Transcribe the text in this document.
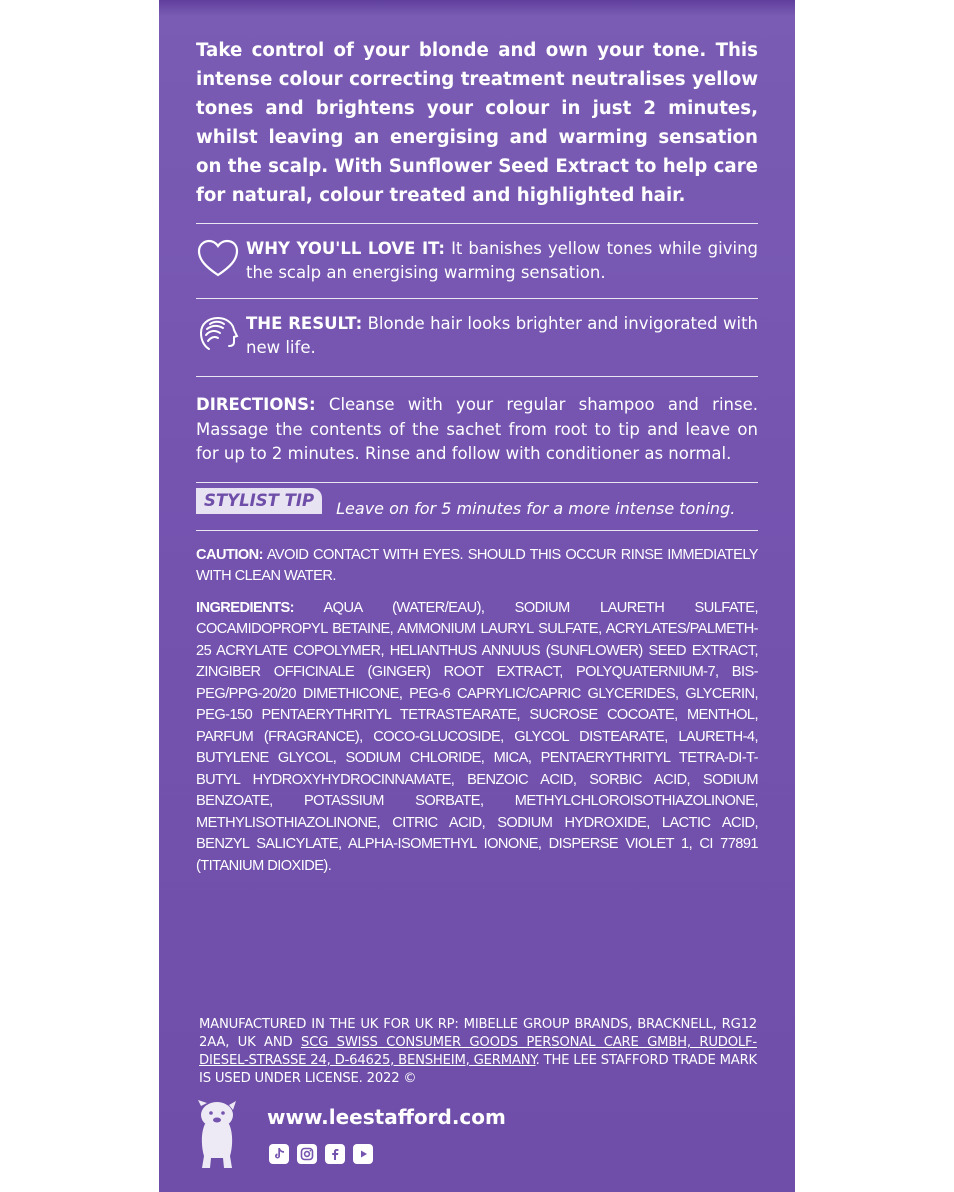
Take control of your blonde and own your tone. This intense colour correcting treatment neutralises yellow tones and brightens your colour in just 2 minutes, whilst leaving an energising and warming sensation on the scalp. With Sunflower Seed Extract to help care for natural, colour treated and highlighted hair.

WHY YOU'LL LOVE IT: It banishes yellow tones while giving the scalp an energising warming sensation.

THE RESULT: Blonde hair looks brighter and invigorated with new life.

DIRECTIONS: Cleanse with your regular shampoo and rinse. Massage the contents of the sachet from root to tip and leave on for up to 2 minutes. Rinse and follow with conditioner as normal.

STYLIST TIP	Leave on for 5 minutes for a more intense toning.

CAUTION: AVOID CONTACT WITH EYES. SHOULD THIS OCCUR RINSE IMMEDIATELY WITH CLEAN WATER.

INGREDIENTS: AQUA (WATER/EAU), SODIUM LAURETH SULFATE, COCAMIDOPROPYL BETAINE, AMMONIUM LAURYL SULFATE, ACRYLATES/PALMETH-25 ACRYLATE COPOLYMER, HELIANTHUS ANNUUS (SUNFLOWER) SEED EXTRACT, ZINGIBER OFFICINALE (GINGER) ROOT EXTRACT, POLYQUATERNIUM-7, BIS-PEG/PPG-20/20 DIMETHICONE, PEG-6 CAPRYLIC/CAPRIC GLYCERIDES, GLYCERIN, PEG-150 PENTAERYTHRITYL TETRASTEARATE, SUCROSE COCOATE, MENTHOL, PARFUM (FRAGRANCE), COCO-GLUCOSIDE, GLYCOL DISTEARATE, LAURETH-4, BUTYLENE GLYCOL, SODIUM CHLORIDE, MICA, PENTAERYTHRITYL TETRA-DI-T-BUTYL HYDROXYHYDROCINNAMATE, BENZOIC ACID, SORBIC ACID, SODIUM BENZOATE, POTASSIUM SORBATE, METHYLCHLOROISOTHIAZOLINONE, METHYLISOTHIAZOLINONE, CITRIC ACID, SODIUM HYDROXIDE, LACTIC ACID, BENZYL SALICYLATE, ALPHA-ISOMETHYL IONONE, DISPERSE VIOLET 1, CI 77891 (TITANIUM DIOXIDE).

MANUFACTURED IN THE UK FOR UK RP: MIBELLE GROUP BRANDS, BRACKNELL, RG12 2AA, UK AND SCG SWISS CONSUMER GOODS PERSONAL CARE GMBH, RUDOLF-DIESEL-STRASSE 24, D-64625, BENSHEIM, GERMANY. THE LEE STAFFORD TRADE MARK IS USED UNDER LICENSE. 2022 ©

www.leestafford.com
